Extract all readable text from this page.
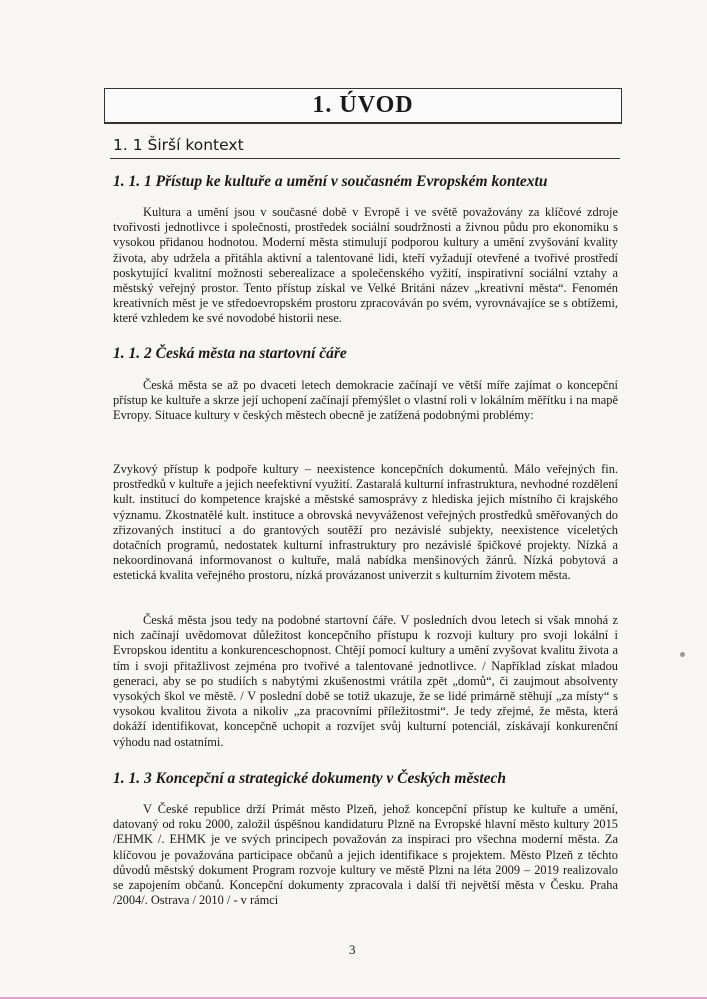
1. ÚVOD
1. 1 Širší kontext
1. 1. 1 Přístup ke kultuře a umění v současném Evropském kontextu
Kultura a umění jsou v současné době v Evropě i ve světě považovány za klíčové zdroje tvořivosti jednotlivce i společnosti, prostředek sociální soudržnosti a živnou půdu pro ekonomiku s vysokou přidanou hodnotou. Moderní města stimulují podporou kultury a umění zvyšování kvality života, aby udržela a přitáhla aktivní a talentované lidi, kteří vyžadují otevřené a tvořivé prostředí poskytující kvalitní možnosti seberealizace a společenského vyžití, inspirativní sociální vztahy a městský veřejný prostor. Tento přístup získal ve Velké Británi název „kreativní města“. Fenomén kreativních měst je ve středoevropském prostoru zpracováván po svém, vyrovnávajíce se s obtížemi, které vzhledem ke své novodobé historii nese.
1. 1. 2 Česká města na startovní čáře
Česká města se až po dvaceti letech demokracie začínají ve větší míře zajímat o koncepční přístup ke kultuře a skrze její uchopení začínají přemýšlet o vlastní roli v lokálním měřítku i na mapě Evropy. Situace kultury v českých městech obecně je zatížená podobnými problémy:
Zvykový přístup k podpoře kultury – neexistence koncepčních dokumentů. Málo veřejných fin. prostředků v kultuře a jejich neefektivní využití. Zastaralá kulturní infrastruktura, nevhodné rozdělení kult. institucí do kompetence krajské a městské samosprávy z hlediska jejich místního či krajského významu. Zkostnatělé kult. instituce a obrovská nevyváženost veřejných prostředků směřovaných do zřizovaných institucí a do grantových soutěží pro nezávislé subjekty, neexistence víceletých dotačních programů, nedostatek kulturní infrastruktury pro nezávislé špičkové projekty. Nízká a nekoordinovaná informovanost o kultuře, malá nabídka menšinových žánrů. Nízká pobytová a estetická kvalita veřejného prostoru, nízká provázanost univerzit s kulturním životem města.
Česká města jsou tedy na podobné startovní čáře. V posledních dvou letech si však mnohá z nich začínají uvědomovat důležitost koncepčního přístupu k rozvoji kultury pro svoji lokální i Evropskou identitu a konkurenceschopnost. Chtějí pomocí kultury a umění zvyšovat kvalitu života a tím i svoji přitažlivost zejména pro tvořivé a talentované jednotlivce. / Například získat mladou generaci, aby se po studiích s nabytými zkušenostmi vrátila zpět „domů“, či zaujmout absolventy vysokých škol ve městě. / V poslední době se totiž ukazuje, že se lidé primárně stěhují „za místy“ s vysokou kvalitou života a nikoliv „za pracovními příležitostmi“. Je tedy zřejmé, že města, která dokáží identifikovat, koncepčně uchopit a rozvíjet svůj kulturní potenciál, získávají konkurenční výhodu nad ostatními.
1. 1. 3 Koncepční a strategické dokumenty v Českých městech
V České republice drží Primát město Plzeň, jehož koncepční přístup ke kultuře a umění, datovaný od roku 2000, založil úspěšnou kandidaturu Plzně na Evropské hlavní město kultury 2015 /EHMK /. EHMK je ve svých principech považován za inspiraci pro všechna moderní města. Za klíčovou je považována participace občanů a jejich identifikace s projektem. Město Plzeň z těchto důvodů městský dokument Program rozvoje kultury ve městě Plzni na léta 2009 – 2019 realizovalo se zapojením občanů. Koncepční dokumenty zpracovala i další tři největší města v Česku. Praha /2004/. Ostrava / 2010 / - v rámci
3
